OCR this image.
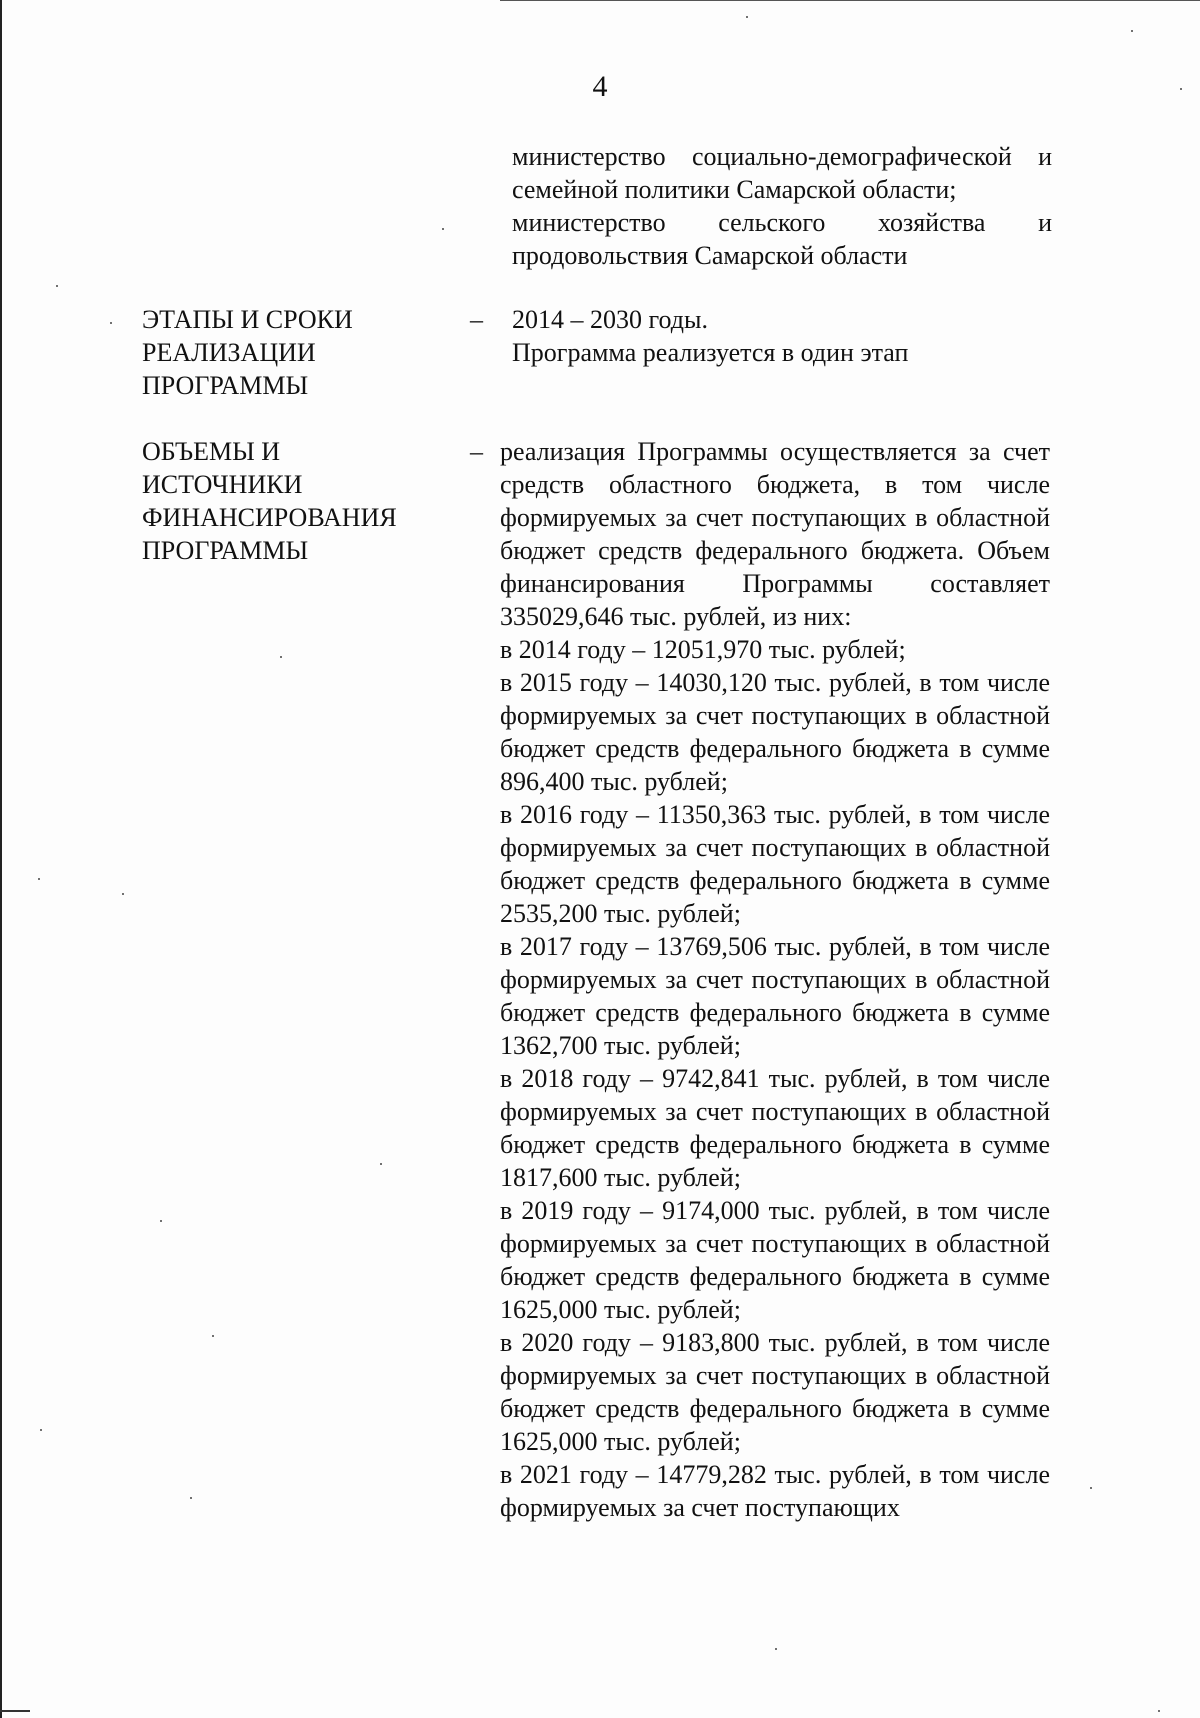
4

министерство социально-демографической и семейной политики Самарской области;

министерство сельского хозяйства и продовольствия Самарской области

ЭТАПЫ И СРОКИ
РЕАЛИЗАЦИИ
ПРОГРАММЫ
– 2014 – 2030 годы.
Программа реализуется в один этап
ОБЪЕМЫ И
ИСТОЧНИКИ
ФИНАНСИРОВАНИЯ
ПРОГРАММЫ
– реализация Программы осуществляется за счет средств областного бюджета, в том числе формируемых за счет поступающих в областной бюджет средств федерального бюджета. Объем финансирования Программы составляет 335029,646 тыс. рублей, из них:

в 2014 году – 12051,970 тыс. рублей;

в 2015 году – 14030,120 тыс. рублей, в том числе формируемых за счет поступающих в областной бюджет средств федерального бюджета в сумме 896,400 тыс. рублей;

в 2016 году – 11350,363 тыс. рублей, в том числе формируемых за счет поступающих в областной бюджет средств федерального бюджета в сумме 2535,200 тыс. рублей;

в 2017 году – 13769,506 тыс. рублей, в том числе формируемых за счет поступающих в областной бюджет средств федерального бюджета в сумме 1362,700 тыс. рублей;

в 2018 году – 9742,841 тыс. рублей, в том числе формируемых за счет поступающих в областной бюджет средств федерального бюджета в сумме 1817,600 тыс. рублей;

в 2019 году – 9174,000 тыс. рублей, в том числе формируемых за счет поступающих в областной бюджет средств федерального бюджета в сумме 1625,000 тыс. рублей;

в 2020 году – 9183,800 тыс. рублей, в том числе формируемых за счет поступающих в областной бюджет средств федерального бюджета в сумме 1625,000 тыс. рублей;

в 2021 году – 14779,282 тыс. рублей, в том числе формируемых за счет поступающих
